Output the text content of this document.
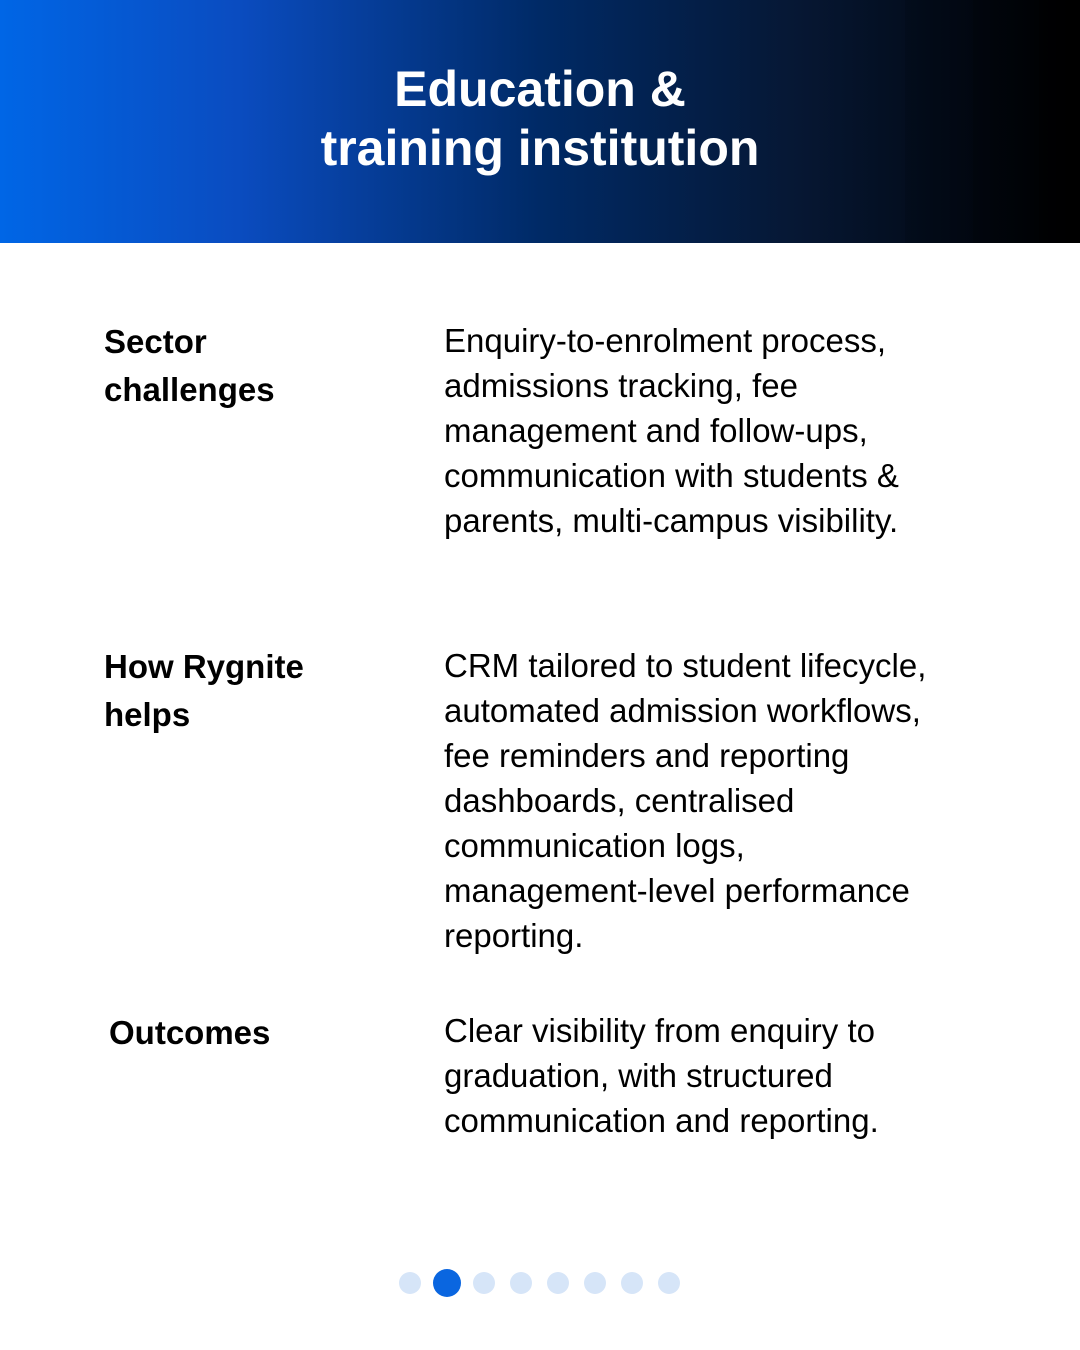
Education &
training institution
Sector
challenges

Enquiry-to-enrolment process,
admissions tracking, fee
management and follow-ups,
communication with students &
parents, multi-campus visibility.

How Rygnite
helps

CRM tailored to student lifecycle,
automated admission workflows,
fee reminders and reporting
dashboards, centralised
communication logs,
management-level performance
reporting.

Outcomes	Clear visibility from enquiry to
graduation, with structured
communication and reporting.
